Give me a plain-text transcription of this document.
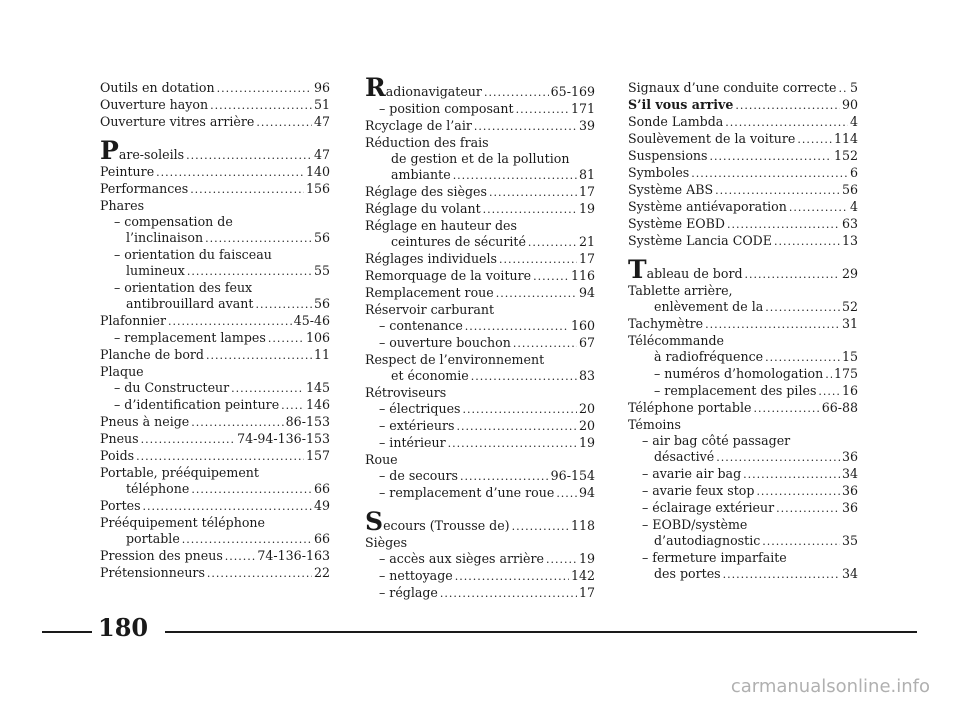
Outils en dotation .....	96
Ouverture hayon .....	51
Ouverture vitres arrière .....	47
Pare-soleils .....	47
Peinture .....	140
Performances .....	156
Phares
– compensation de
l’inclinaison .....	56
– orientation du faisceau
lumineux .....	55
– orientation des feux
antibrouillard avant .....	56
Plafonnier .....	45-46
– remplacement lampes .....	106
Planche de bord .....	11
Plaque
– du Constructeur .....	145
– d’identification peinture ..... 146
Pneus à neige .....	86-153
Pneus .....	74-94-136-153
Poids .....	157
Portable, prééquipement
téléphone .....	66
Portes .....	49
Prééquipement téléphone
portable .....	66
Pression des pneus .....	74-136-163
Prétensionneurs .....	22
Radionavigateur .....	65-169
– position composant .....	171
Rcyclage de l’air .....	39
Réduction des frais
de gestion et de la pollution
ambiante .....	81
Réglage des sièges .....	17
Réglage du volant .....	19
Réglage en hauteur des
ceintures de sécurité .....	21
Réglages individuels .....	17
Remorquage de la voiture .....	116
Remplacement roue .....	94
Réservoir carburant
– contenance .....	160
– ouverture bouchon .....	67
Respect de l’environnement
et économie .....	83
Rétroviseurs
– électriques .....	20
– extérieurs .....	20
– intérieur .....	19
Roue
– de secours .....	96-154
– remplacement d’une roue ..... 94
Secours (Trousse de) .....	118
Sièges
– accès aux sièges arrière .....	19
– nettoyage .....	142
– réglage .....	17
Signaux d’une conduite correcte ..... 5
S’il vous arrive .....	90
Sonde Lambda .....	4
Soulèvement de la voiture .....	114
Suspensions .....	152
Symboles .....	6
Système ABS .....	56
Système antiévaporation .....	4
Système EOBD .....	63
Système Lancia CODE .....	13
Tableau de bord .....	29
Tablette arrière,
enlèvement de la .....	52
Tachymètre .....	31
Télécommande
à radiofréquence .....	15
– numéros d’homologation ..... 175
– remplacement des piles ..... 16
Téléphone portable .....	66-88
Témoins
– air bag côté passager
désactivé .....	36
– avarie air bag .....	34
– avarie feux stop .....	36
– éclairage extérieur .....	36
– EOBD/système
d’autodiagnostic .....	35
– fermeture imparfaite
des portes .....	34
180
carmanualsonline.info
